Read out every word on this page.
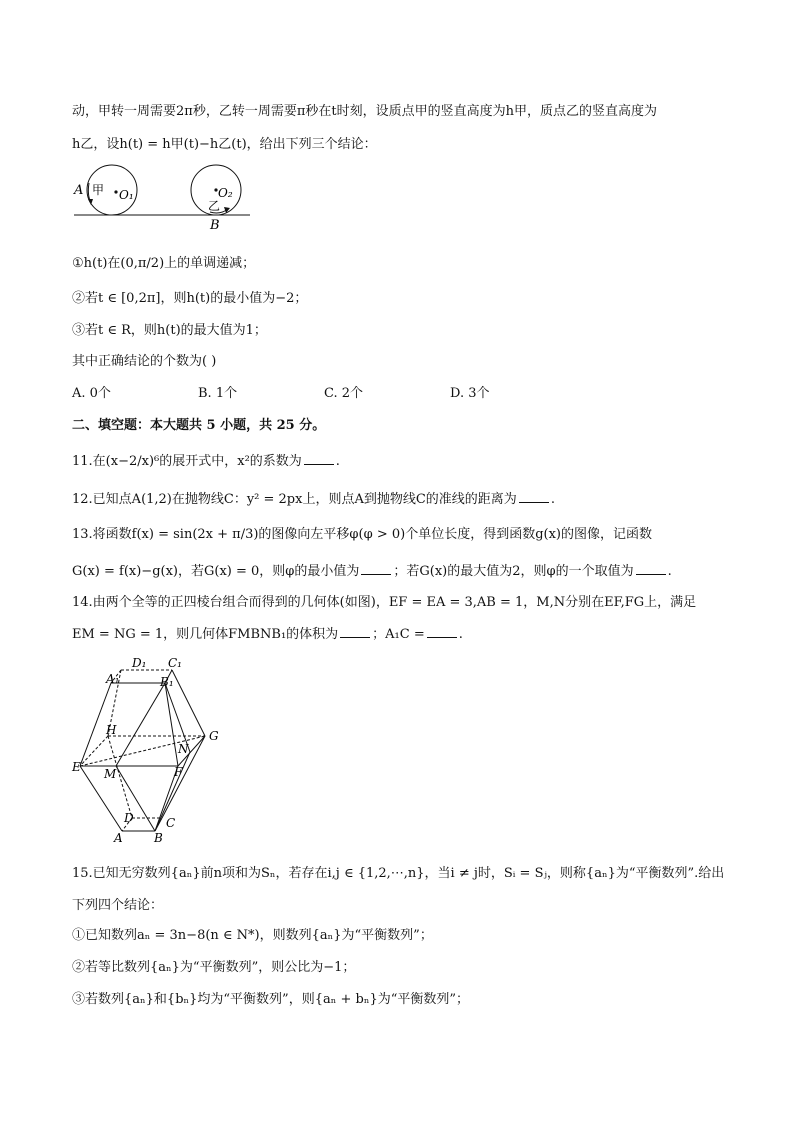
动，甲转一周需要2π秒，乙转一周需要π秒在t时刻，设质点甲的竖直高度为h甲，质点乙的竖直高度为
h乙，设h(t) = h甲(t)−h乙(t)，给出下列三个结论：
A 甲 O₁	O₂
乙
B
①h(t)在(0,π/2)上的单调递减；
②若t ∈ [0,2π]，则h(t)的最小值为−2；
③若t ∈ R，则h(t)的最大值为1；
其中正确结论的个数为( )
A. 0个	B. 1个	C. 2个	D. 3个
二、填空题：本大题共 5 小题，共 25 分。
11.在(x−2/x)⁶的展开式中，x²的系数为	.
12.已知点A(1,2)在抛物线C：y² = 2px上，则点A到抛物线C的准线的距离为	.
13.将函数f(x) = sin(2x + π/3)的图像向左平移φ(φ > 0)个单位长度，得到函数g(x)的图像，记函数
G(x) = f(x)−g(x)，若G(x) = 0，则φ的最小值为	；若G(x)的最大值为2，则φ的一个取值为	.
14.由两个全等的正四棱台组合而得到的几何体(如图)，EF = EA = 3,AB = 1，M,N分别在EF,FG上，满足
EM = NG = 1，则几何体FMBNB₁的体积为	；A₁C =	.
D₁ C₁
A₁	B₁
H	G
N
E M	F
D	C
A	B
15.已知无穷数列{aₙ}前n项和为Sₙ，若存在i,j ∈ {1,2,⋯,n}，当i ≠ j时，Sᵢ = Sⱼ，则称{aₙ}为“平衡数列”.给出
下列四个结论：
①已知数列aₙ = 3n−8(n ∈ N*)，则数列{aₙ}为“平衡数列”；
②若等比数列{aₙ}为“平衡数列”，则公比为−1；
③若数列{aₙ}和{bₙ}均为“平衡数列”，则{aₙ + bₙ}为“平衡数列”；
